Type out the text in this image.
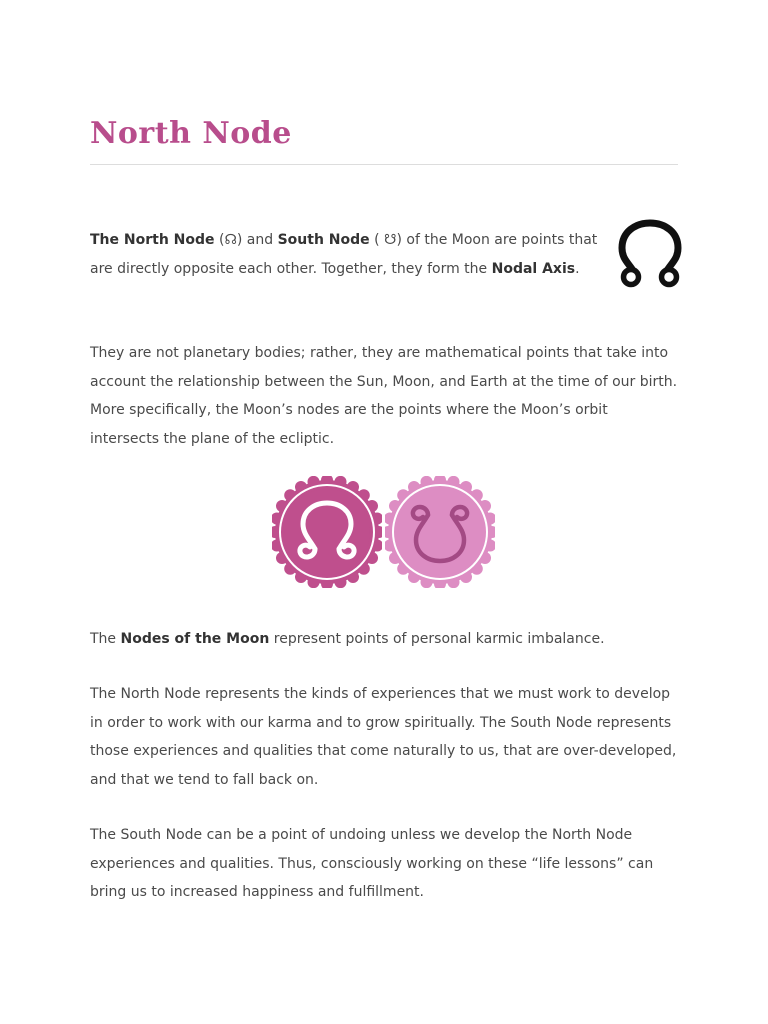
North Node

The North Node (☊) and South Node ( ☋) of the Moon are points that are directly opposite each other. Together, they form the Nodal Axis.

They are not planetary bodies; rather, they are mathematical points that take into account the relationship between the Sun, Moon, and Earth at the time of our birth. More specifically, the Moon’s nodes are the points where the Moon’s orbit intersects the plane of the ecliptic.

The Nodes of the Moon represent points of personal karmic imbalance.

The North Node represents the kinds of experiences that we must work to develop in order to work with our karma and to grow spiritually. The South Node represents those experiences and qualities that come naturally to us, that are over-developed, and that we tend to fall back on.

The South Node can be a point of undoing unless we develop the North Node experiences and qualities. Thus, consciously working on these “life lessons” can bring us to increased happiness and fulfillment.
